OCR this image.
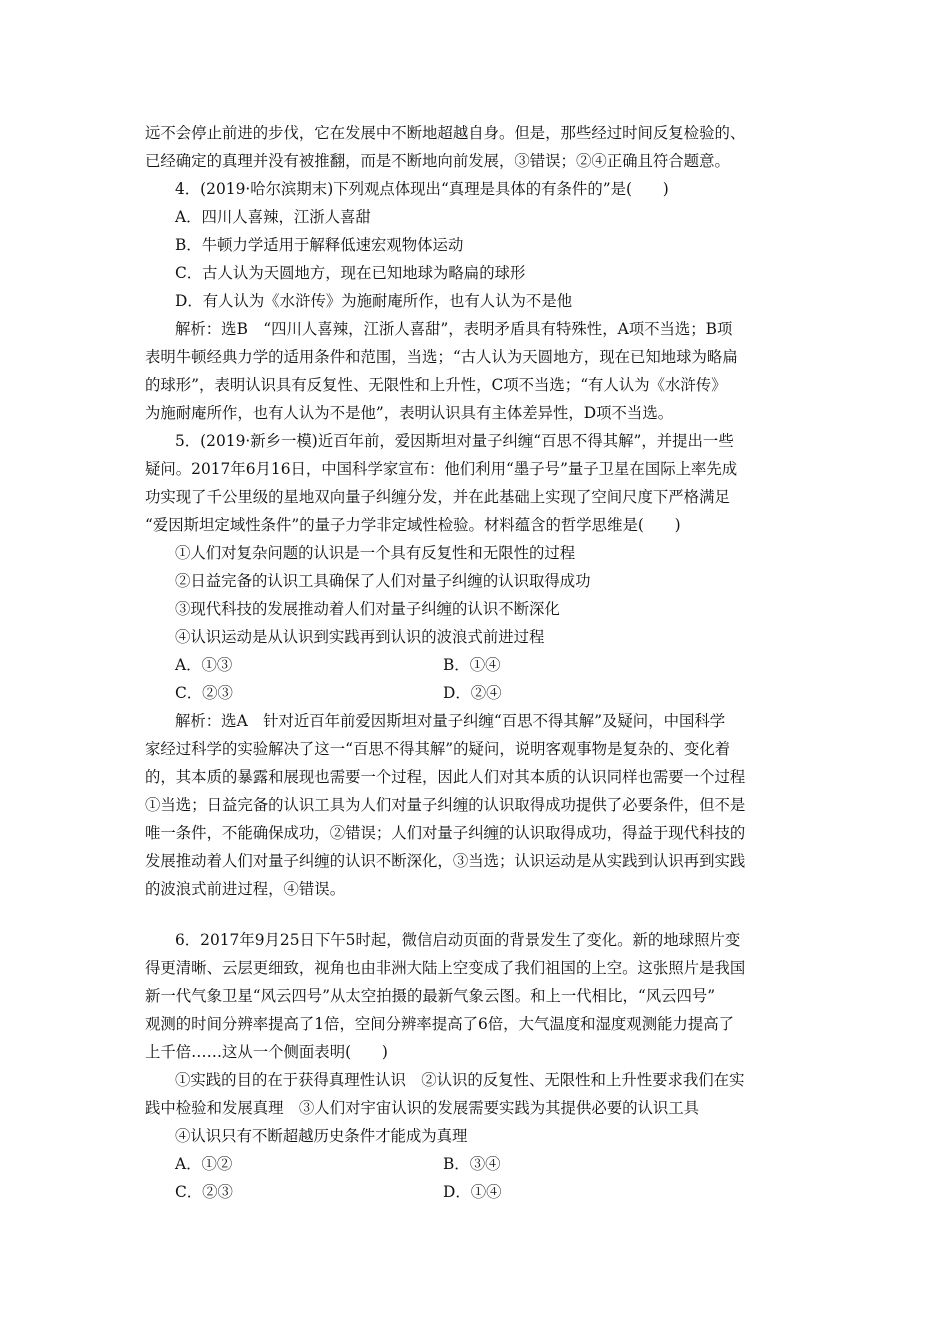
远不会停止前进的步伐，它在发展中不断地超越自身。但是，那些经过时间反复检验的、
已经确定的真理并没有被推翻，而是不断地向前发展，③错误；②④正确且符合题意。
4．(2019·哈尔滨期末)下列观点体现出“真理是具体的有条件的”是(　　)
A．四川人喜辣，江浙人喜甜
B．牛顿力学适用于解释低速宏观物体运动
C．古人认为天圆地方，现在已知地球为略扁的球形
D．有人认为《水浒传》为施耐庵所作，也有人认为不是他
解析：选B　“四川人喜辣，江浙人喜甜”，表明矛盾具有特殊性，A项不当选；B项
表明牛顿经典力学的适用条件和范围，当选；“古人认为天圆地方，现在已知地球为略扁
的球形”，表明认识具有反复性、无限性和上升性，C项不当选；“有人认为《水浒传》
为施耐庵所作，也有人认为不是他”，表明认识具有主体差异性，D项不当选。
5．(2019·新乡一模)近百年前，爱因斯坦对量子纠缠“百思不得其解”，并提出一些
疑问。2017年6月16日，中国科学家宣布：他们利用“墨子号”量子卫星在国际上率先成
功实现了千公里级的星地双向量子纠缠分发，并在此基础上实现了空间尺度下严格满足
“爱因斯坦定域性条件”的量子力学非定域性检验。材料蕴含的哲学思维是(　　)
①人们对复杂问题的认识是一个具有反复性和无限性的过程
②日益完备的认识工具确保了人们对量子纠缠的认识取得成功
③现代科技的发展推动着人们对量子纠缠的认识不断深化
④认识运动是从认识到实践再到认识的波浪式前进过程
A．①③	B．①④
C．②③	D．②④
解析：选A　针对近百年前爱因斯坦对量子纠缠“百思不得其解”及疑问，中国科学
家经过科学的实验解决了这一“百思不得其解”的疑问，说明客观事物是复杂的、变化着
的，其本质的暴露和展现也需要一个过程，因此人们对其本质的认识同样也需要一个过程
①当选；日益完备的认识工具为人们对量子纠缠的认识取得成功提供了必要条件，但不是
唯一条件，不能确保成功，②错误；人们对量子纠缠的认识取得成功，得益于现代科技的
发展推动着人们对量子纠缠的认识不断深化，③当选；认识运动是从实践到认识再到实践
的波浪式前进过程，④错误。
6．2017年9月25日下午5时起，微信启动页面的背景发生了变化。新的地球照片变
得更清晰、云层更细致，视角也由非洲大陆上空变成了我们祖国的上空。这张照片是我国
新一代气象卫星“风云四号”从太空拍摄的最新气象云图。和上一代相比，“风云四号”
观测的时间分辨率提高了1倍，空间分辨率提高了6倍，大气温度和湿度观测能力提高了
上千倍……这从一个侧面表明(　　)
①实践的目的在于获得真理性认识　②认识的反复性、无限性和上升性要求我们在实
践中检验和发展真理　③人们对宇宙认识的发展需要实践为其提供必要的认识工具
④认识只有不断超越历史条件才能成为真理
A．①②	B．③④
C．②③	D．①④
